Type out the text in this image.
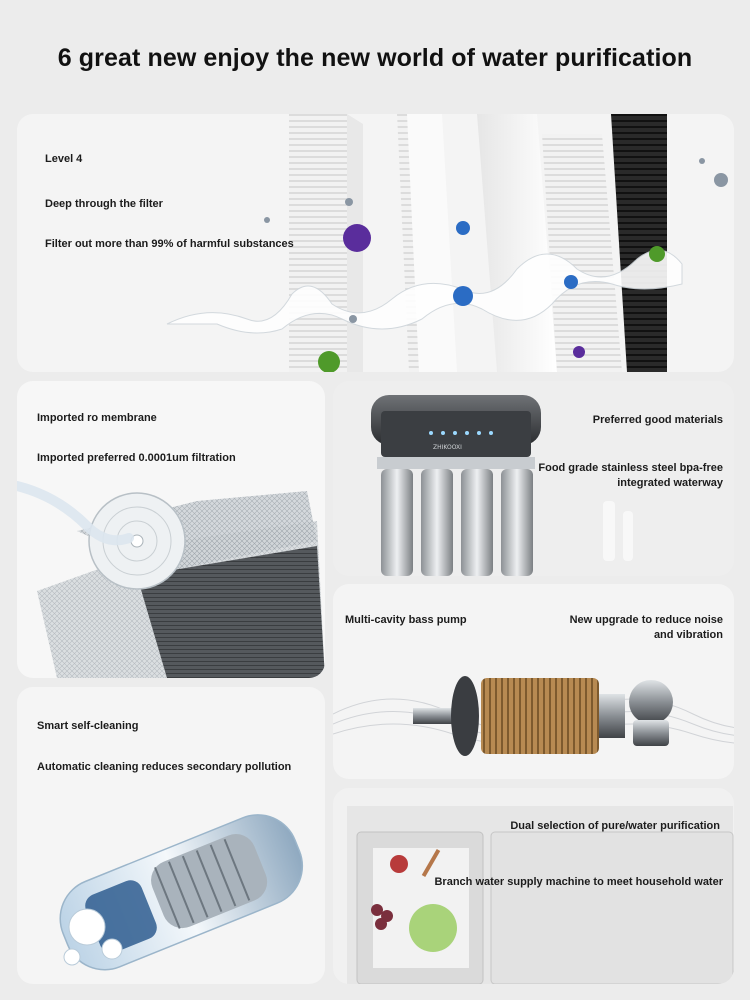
6 great new enjoy the new world of water purification
Level 4
Deep through the filter
Filter out more than 99% of harmful substances
Imported ro membrane
Imported preferred 0.0001um filtration
ZHIKOOXI
Preferred good materials
Food grade stainless steel bpa-free
integrated waterway
Multi-cavity bass pump	New upgrade to reduce noise
and vibration
Smart self-cleaning
Automatic cleaning reduces secondary pollution
Dual selection of pure/water purification
Branch water supply machine to meet household water
